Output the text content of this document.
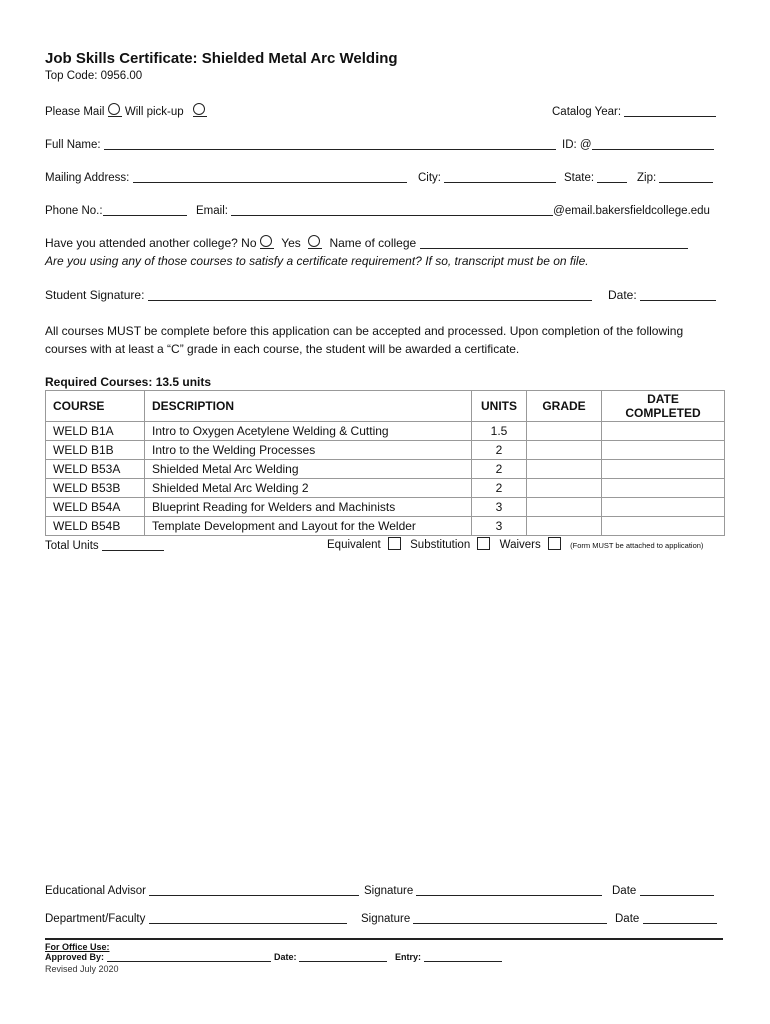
Job Skills Certificate: Shielded Metal Arc Welding
Top Code: 0956.00
Please Mail Will pick-up	Catalog Year:
Full Name:	ID: @
Mailing Address:	City:	State:	Zip:
Phone No.:	Email:	@email.bakersfieldcollege.edu
Have you attended another college? No Yes Name of college
Are you using any of those courses to satisfy a certificate requirement? If so, transcript must be on file.
Student Signature:	Date:
All courses MUST be complete before this application can be accepted and processed. Upon completion of the following courses with at least a “C” grade in each course, the student will be awarded a certificate.
Required Courses: 13.5 units
COURSE	DESCRIPTION	UNITS	GRADE	DATE COMPLETED
WELD B1A	Intro to Oxygen Acetylene Welding & Cutting	1.5		
WELD B1B	Intro to the Welding Processes	2		
WELD B53A	Shielded Metal Arc Welding	2		
WELD B53B	Shielded Metal Arc Welding 2	2		
WELD B54A	Blueprint Reading for Welders and Machinists	3		
WELD B54B	Template Development and Layout for the Welder	3		
Total Units	Equivalent	Substitution	Waivers	(Form MUST be attached to application)
Educational Advisor	Signature	Date
Department/Faculty	Signature	Date
For Office Use:
Approved By:	Date:	Entry:
Revised July 2020
